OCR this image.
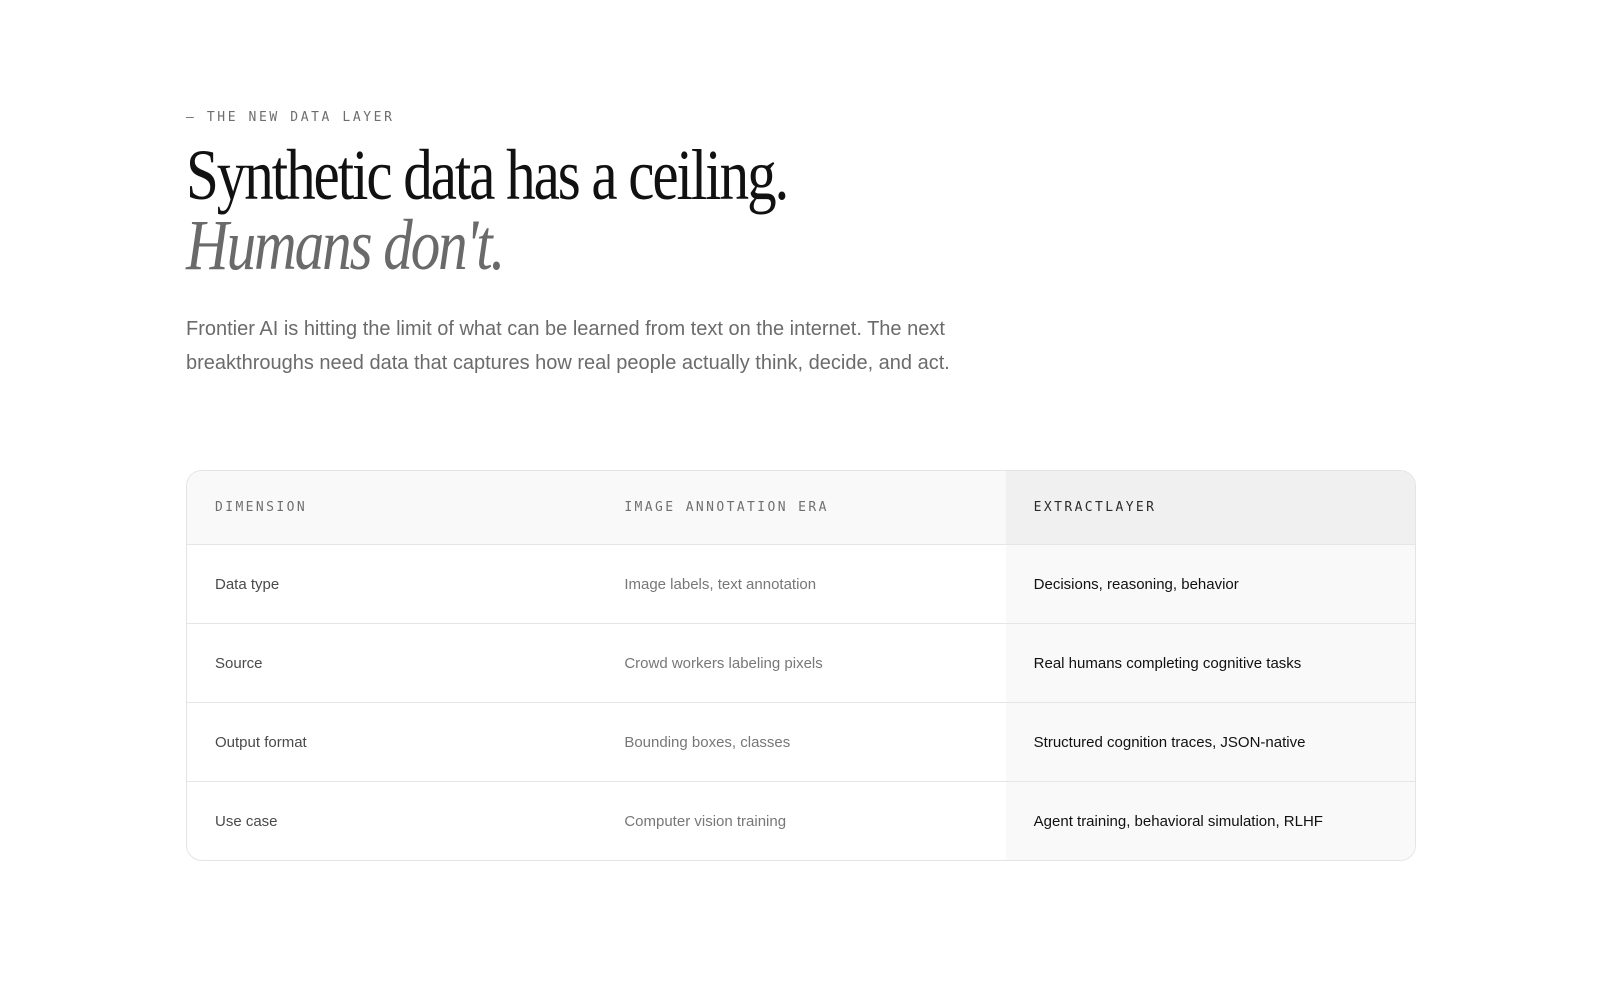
— THE NEW DATA LAYER
Synthetic data has a ceiling.
Humans don't.

Frontier AI is hitting the limit of what can be learned from text on the internet. The next breakthroughs need data that captures how real people actually think, decide, and act.

DIMENSION	IMAGE ANNOTATION ERA	EXTRACTLAYER
Data type	Image labels, text annotation	Decisions, reasoning, behavior
Source	Crowd workers labeling pixels	Real humans completing cognitive tasks
Output format	Bounding boxes, classes	Structured cognition traces, JSON-native
Use case	Computer vision training	Agent training, behavioral simulation, RLHF
